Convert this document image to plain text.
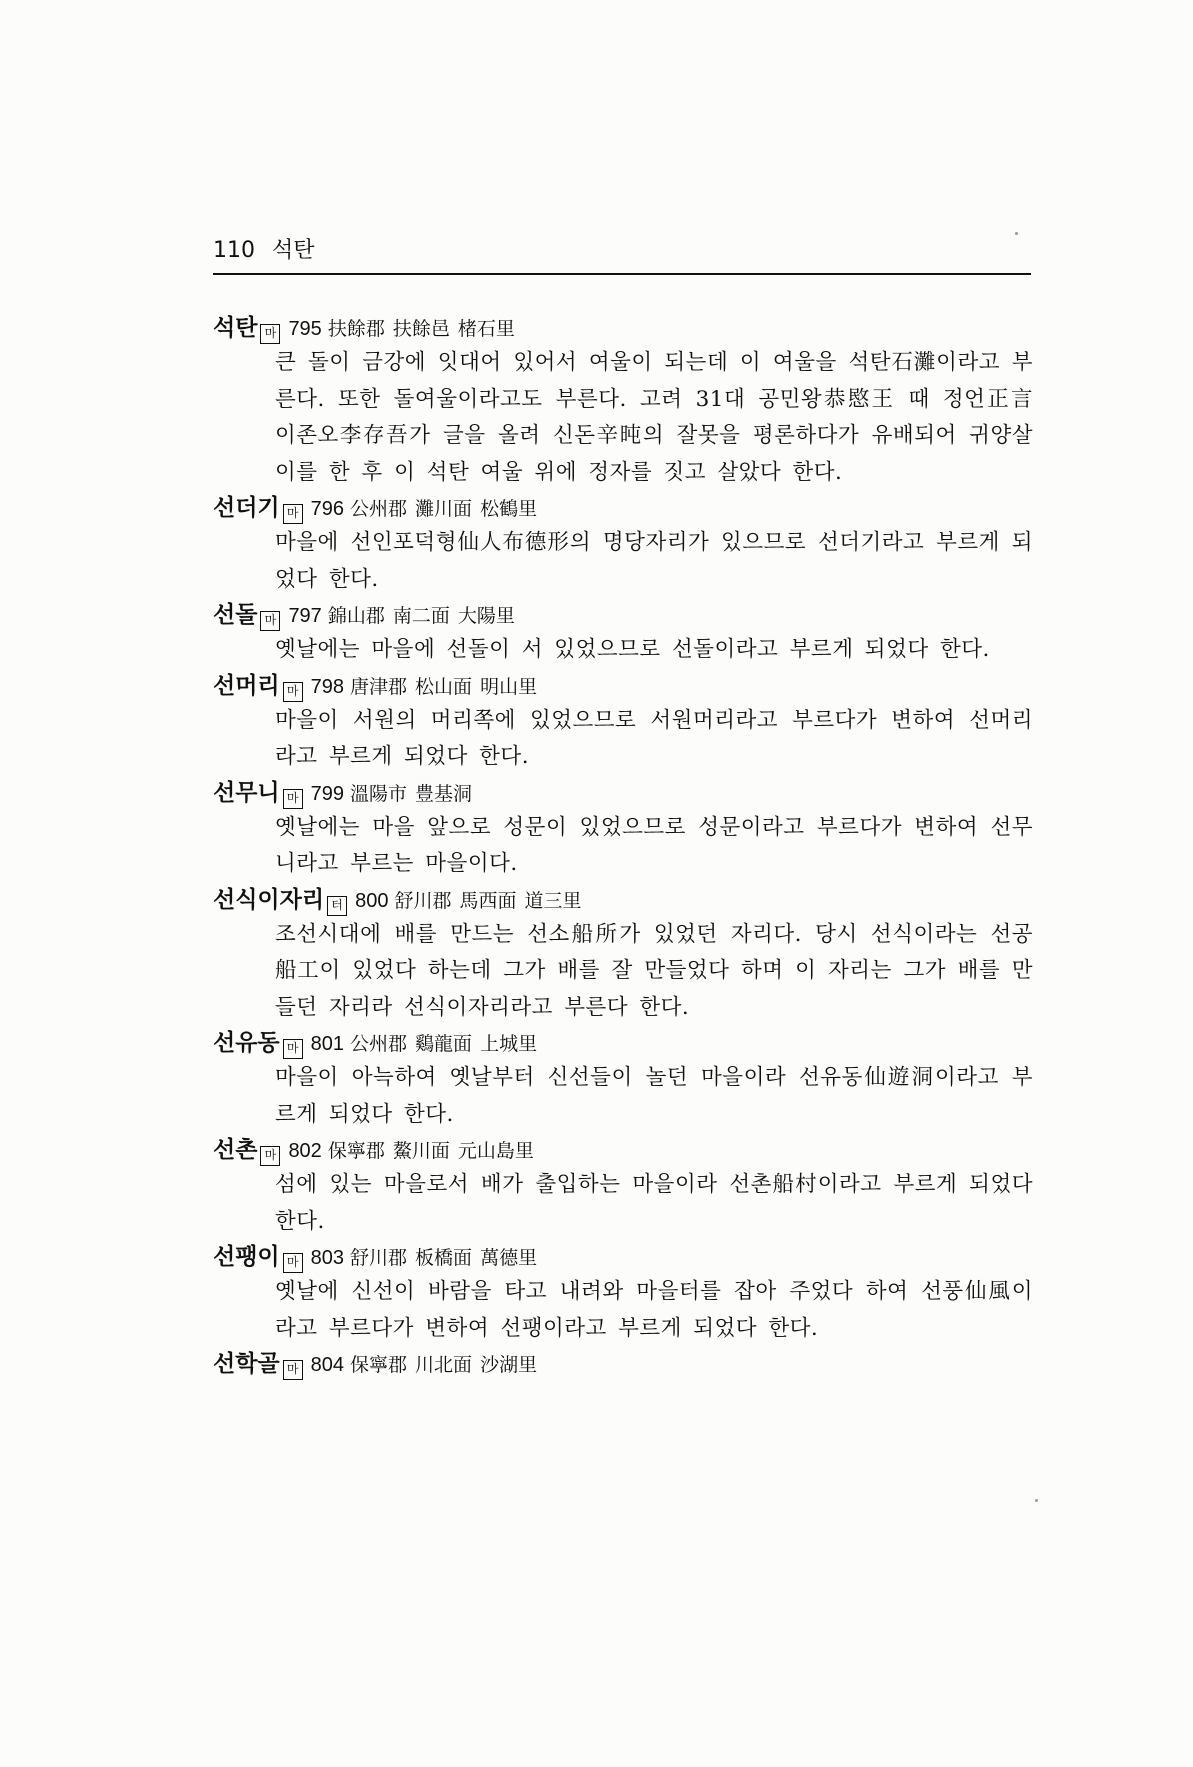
110 석탄
석탄 마 795 扶餘郡 扶餘邑 楮石里

큰 돌이 금강에 잇대어 있어서 여울이 되는데 이 여울을 석탄石灘이라고 부른다. 또한 돌여울이라고도 부른다. 고려 31대 공민왕恭愍王 때 정언正言 이존오李存吾가 글을 올려 신돈辛旽의 잘못을 평론하다가 유배되어 귀양살이를 한 후 이 석탄 여울 위에 정자를 짓고 살았다 한다.

선더기 마 796 公州郡 灘川面 松鶴里

마을에 선인포덕형仙人布德形의 명당자리가 있으므로 선더기라고 부르게 되었다 한다.

선돌 마 797 錦山郡 南二面 大陽里

옛날에는 마을에 선돌이 서 있었으므로 선돌이라고 부르게 되었다 한다.

선머리 마 798 唐津郡 松山面 明山里

마을이 서원의 머리쪽에 있었으므로 서원머리라고 부르다가 변하여 선머리라고 부르게 되었다 한다.

선무니 마 799 溫陽市 豊基洞

옛날에는 마을 앞으로 성문이 있었으므로 성문이라고 부르다가 변하여 선무니라고 부르는 마을이다.

선식이자리 터 800 舒川郡 馬西面 道三里

조선시대에 배를 만드는 선소船所가 있었던 자리다. 당시 선식이라는 선공船工이 있었다 하는데 그가 배를 잘 만들었다 하며 이 자리는 그가 배를 만들던 자리라 선식이자리라고 부른다 한다.

선유동 마 801 公州郡 鷄龍面 上城里

마을이 아늑하여 옛날부터 신선들이 놀던 마을이라 선유동仙遊洞이라고 부르게 되었다 한다.

선촌 마 802 保寧郡 鰲川面 元山島里

섬에 있는 마을로서 배가 출입하는 마을이라 선촌船村이라고 부르게 되었다 한다.

선팽이 마 803 舒川郡 板橋面 萬德里

옛날에 신선이 바람을 타고 내려와 마을터를 잡아 주었다 하여 선풍仙風이라고 부르다가 변하여 선팽이라고 부르게 되었다 한다.

선학골 마 804 保寧郡 川北面 沙湖里
